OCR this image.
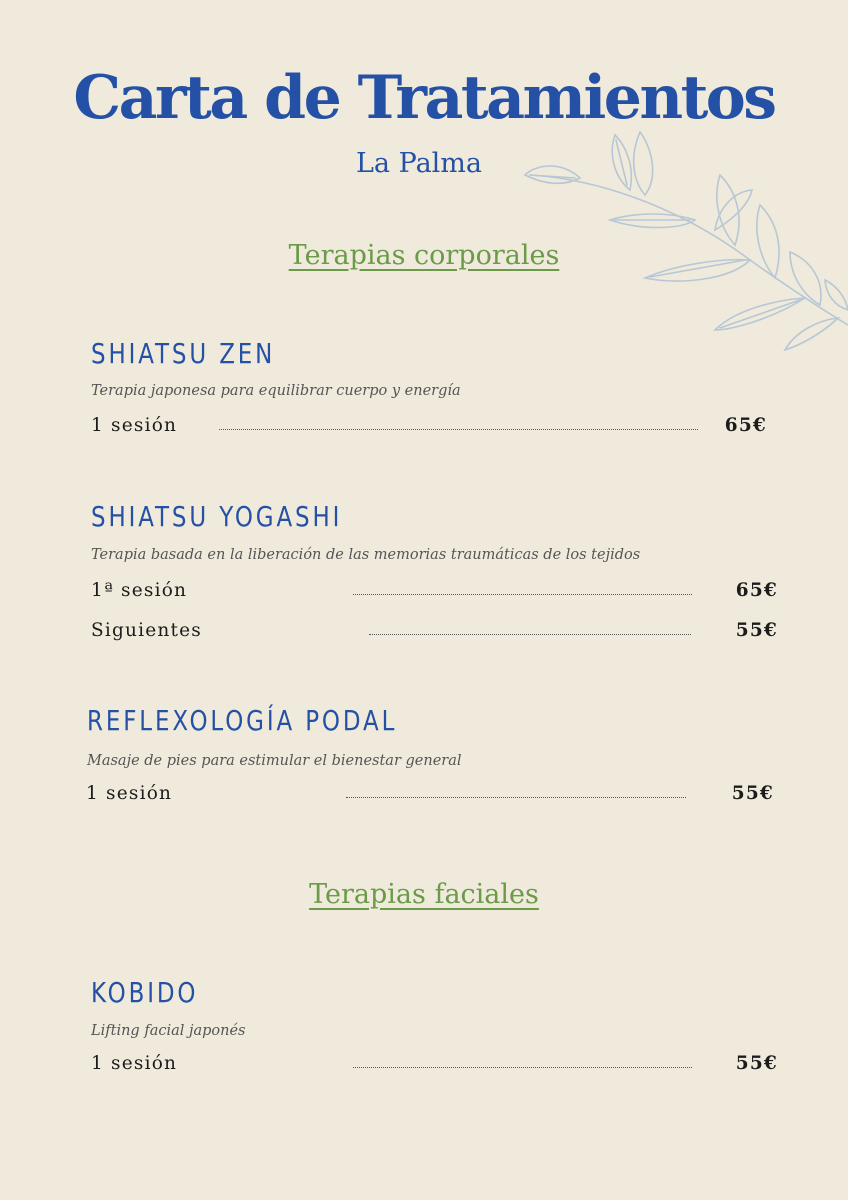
Carta de Tratamientos
La Palma
Terapias corporales
SHIATSU ZEN
Terapia japonesa para equilibrar cuerpo y energía
1 sesión	65€
SHIATSU YOGASHI
Terapia basada en la liberación de las memorias traumáticas de los tejidos
1ª sesión	65€
Siguientes	55€
REFLEXOLOGÍA PODAL
Masaje de pies para estimular el bienestar general
1 sesión	55€
Terapias faciales
KOBIDO
Lifting facial japonés
1 sesión	55€
